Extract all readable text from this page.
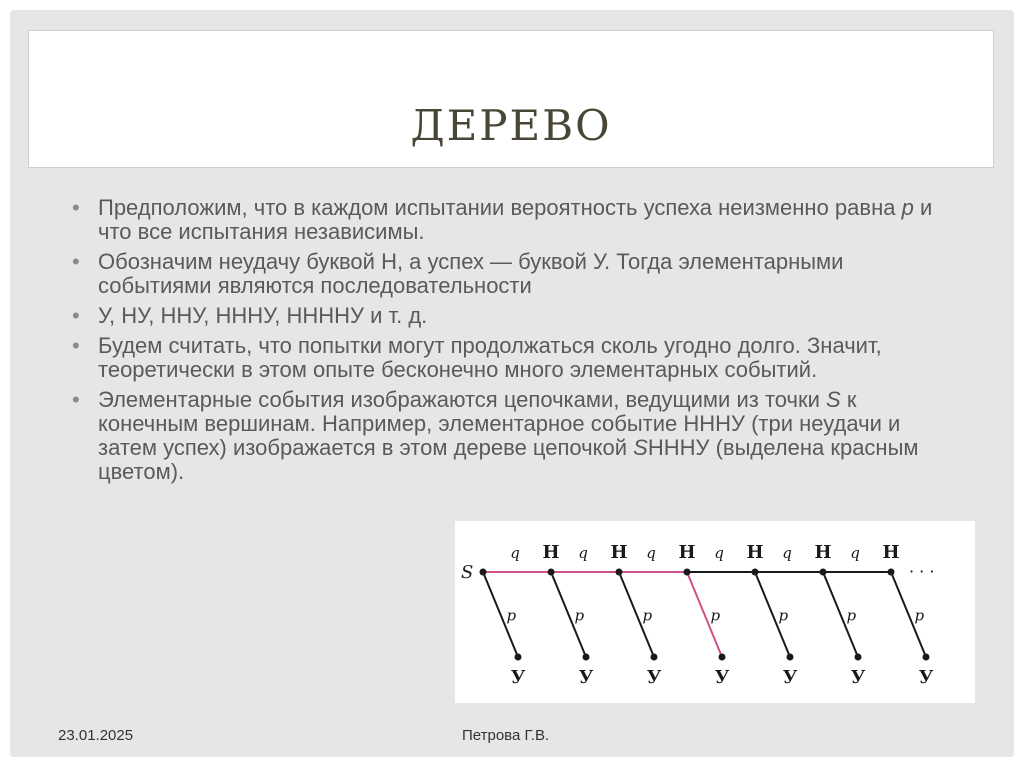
ДЕРЕВО
• Предположим, что в каждом испытании вероятность успеха неизменно равна p и что все испытания независимы.
• Обозначим неудачу буквой Н, а успех — буквой У. Тогда элементарными событиями являются последовательности
• У, НУ, ННУ, НННУ, ННННУ и т. д.
• Будем считать, что попытки могут продолжаться сколь угодно долго. Значит, теоретически в этом опыте бесконечно много элементарных событий.
• Элементарные события изображаются цепочками, ведущими из точки S к конечным вершинам. Например, элементарное событие НННУ (три неудачи и затем успех) изображается в этом дереве цепочкой SНННУ (выделена красным цветом).
· · ·
p
У
p
У
p
У
p
У
p
У
p
У
p
У
q Н q Н q Н q Н q Н q Н
S
23.01.2025	Петрова Г.В.
